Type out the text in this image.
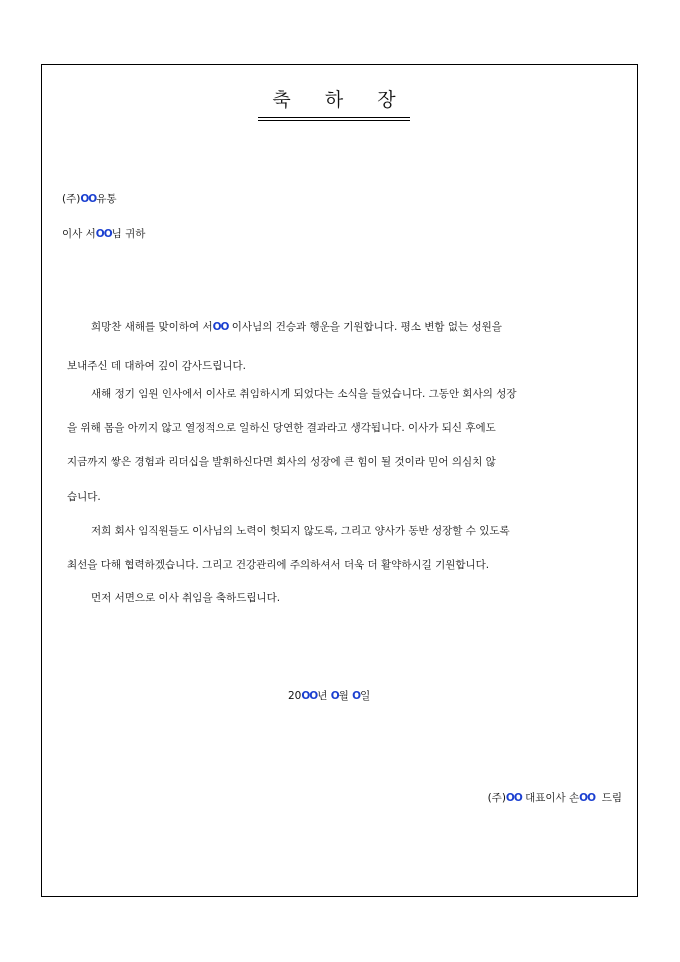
축 하 장
(주)OO유통
이사 서OO님 귀하
희망찬 새해를 맞이하여 서OO 이사님의 건승과 행운을 기원합니다. 평소 변함 없는 성원을
보내주신 데 대하여 깊이 감사드립니다.
새해 정기 임원 인사에서 이사로 취임하시게 되었다는 소식을 들었습니다. 그동안 회사의 성장
을 위해 몸을 아끼지 않고 열정적으로 일하신 당연한 결과라고 생각됩니다. 이사가 되신 후에도
지금까지 쌓은 경험과 리더십을 발휘하신다면 회사의 성장에 큰 힘이 될 것이라 믿어 의심치 않
습니다.
저희 회사 임직원들도 이사님의 노력이 헛되지 않도록, 그리고 양사가 동반 성장할 수 있도록
최선을 다해 협력하겠습니다. 그리고 건강관리에 주의하셔서 더욱 더 활약하시길 기원합니다.
먼저 서면으로 이사 취임을 축하드립니다.
20OO년 O월 O일
(주)OO 대표이사 손OO  드림
